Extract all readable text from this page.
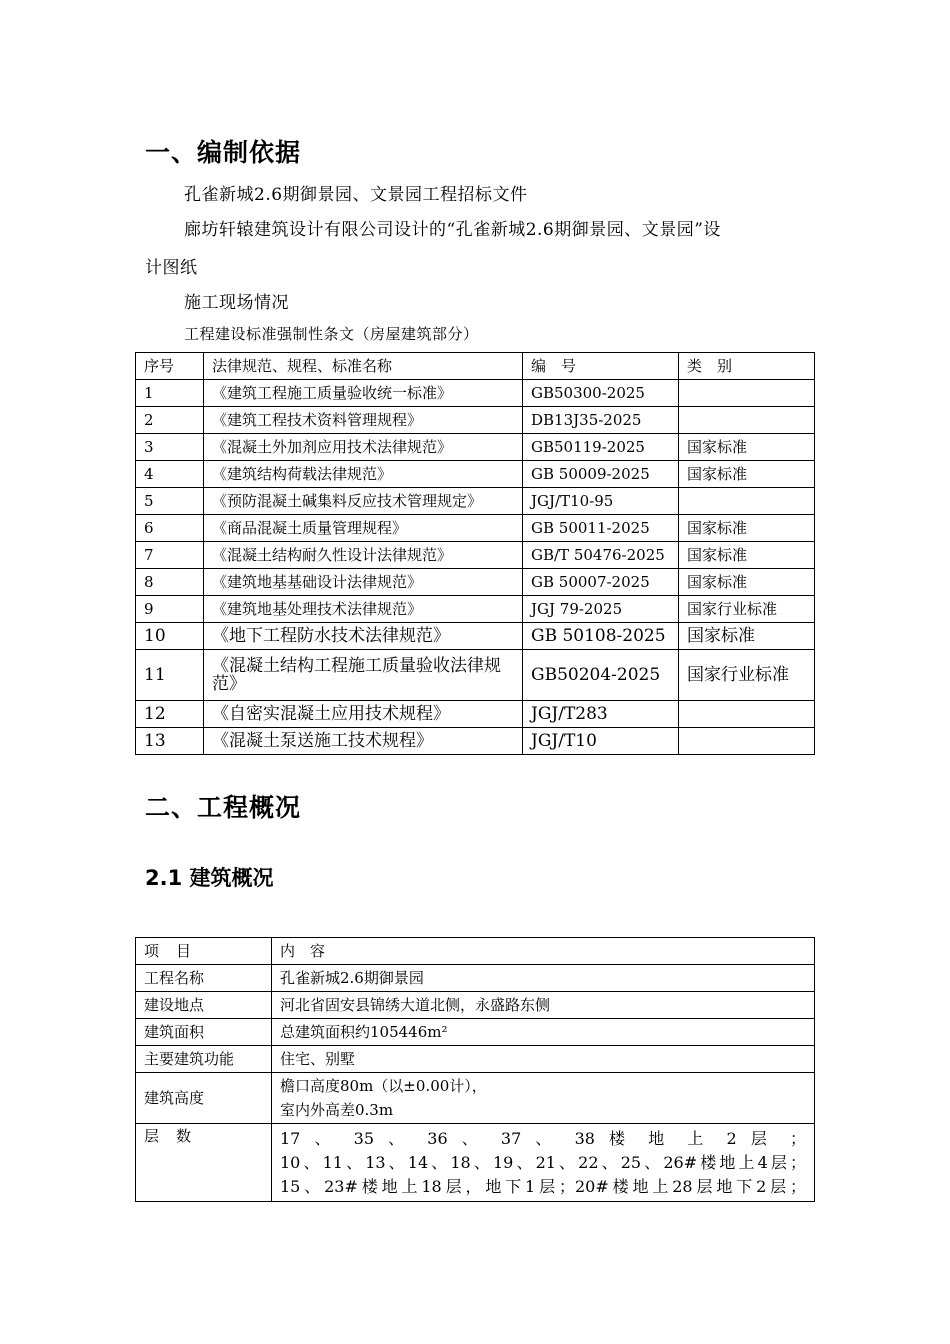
一、编制依据
孔雀新城2.6期御景园、文景园工程招标文件
廊坊轩辕建筑设计有限公司设计的“孔雀新城2.6期御景园、文景园”设
计图纸
施工现场情况
工程建设标准强制性条文（房屋建筑部分）
序号	法律规范、规程、标准名称	编　号	类　别
1	《建筑工程施工质量验收统一标准》	GB50300-2025	
2	《建筑工程技术资料管理规程》	DB13J35-2025	
3	《混凝土外加剂应用技术法律规范》	GB50119-2025	国家标准
4	《建筑结构荷载法律规范》	GB 50009-2025	国家标准
5	《预防混凝土碱集料反应技术管理规定》	JGJ/T10-95	
6	《商品混凝土质量管理规程》	GB 50011-2025	国家标准
7	《混凝土结构耐久性设计法律规范》	GB/T 50476-2025	国家标准
8	《建筑地基基础设计法律规范》	GB 50007-2025	国家标准
9	《建筑地基处理技术法律规范》	JGJ 79-2025	国家行业标准
10	《地下工程防水技术法律规范》	GB 50108-2025	国家标准
11	《混凝土结构工程施工质量验收法律规范》	GB50204-2025	国家行业标准
12	《自密实混凝土应用技术规程》	JGJ/T283	
13	《混凝土泵送施工技术规程》	JGJ/T10	
二、工程概况
2.1 建筑概况
项　目	内　容
工程名称	孔雀新城2.6期御景园
建设地点	河北省固安县锦绣大道北侧，永盛路东侧
建筑面积	总建筑面积约105446m²
主要建筑功能	住宅、别墅
建筑高度	檐口高度80m（以±0.00计），
室内外高差0.3m

层　数	17 、 35 、 36 、 37 、 38 楼 地 上 2 层 ；
10、11、13、14、18、19、21、22、25、26#楼地上4层；
15、23#楼地上18层，地下1层；20#楼地上28层地下2层；
